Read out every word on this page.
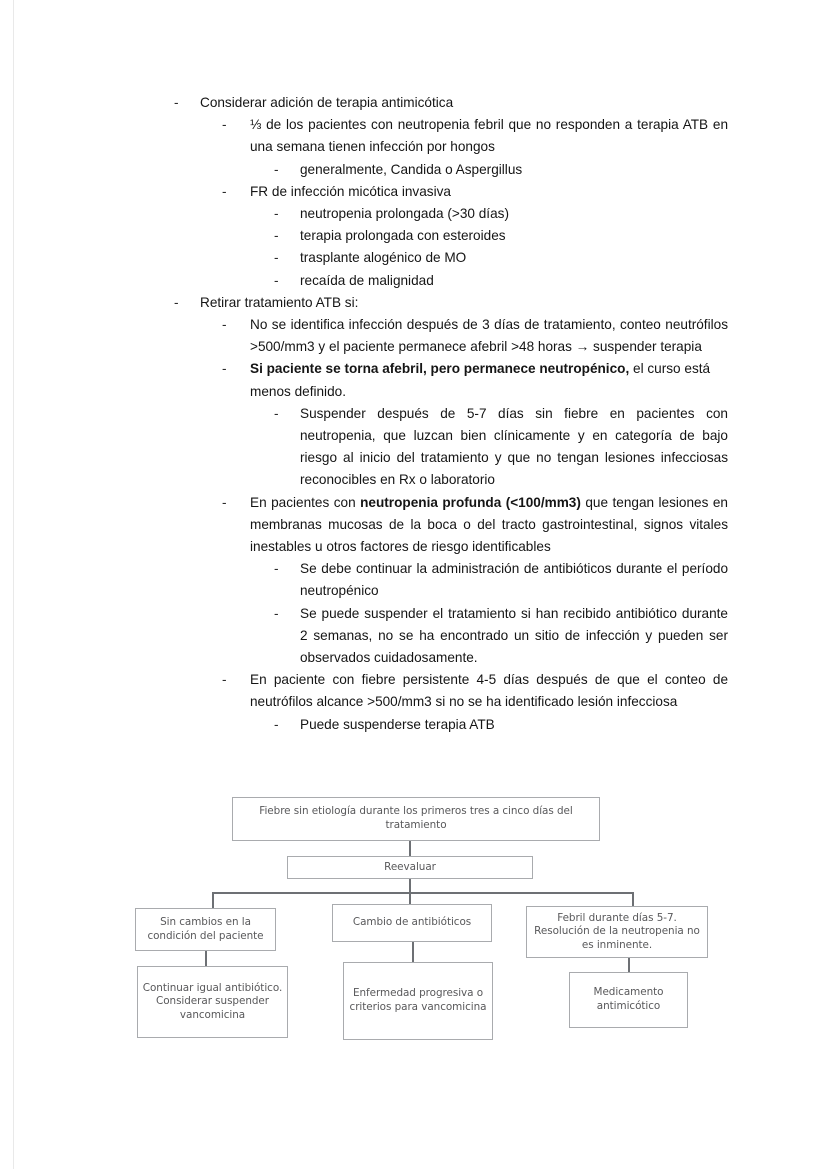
- Considerar adición de terapia antimicótica
- ⅓ de los pacientes con neutropenia febril que no responden a terapia ATB en una semana tienen infección por hongos
- generalmente, Candida o Aspergillus
- FR de infección micótica invasiva
- neutropenia prolongada (>30 días)
- terapia prolongada con esteroides
- trasplante alogénico de MO
- recaída de malignidad
- Retirar tratamiento ATB si:
- No se identifica infección después de 3 días de tratamiento, conteo neutrófilos >500/mm3 y el paciente permanece afebril >48 horas → suspender terapia
- Si paciente se torna afebril, pero permanece neutropénico, el curso está menos definido.
- Suspender después de 5-7 días sin fiebre en pacientes con neutropenia, que luzcan bien clínicamente y en categoría de bajo riesgo al inicio del tratamiento y que no tengan lesiones infecciosas reconocibles en Rx o laboratorio
- En pacientes con neutropenia profunda (<100/mm3) que tengan lesiones en membranas mucosas de la boca o del tracto gastrointestinal, signos vitales inestables u otros factores de riesgo identificables
- Se debe continuar la administración de antibióticos durante el período neutropénico
- Se puede suspender el tratamiento si han recibido antibiótico durante 2 semanas, no se ha encontrado un sitio de infección y pueden ser observados cuidadosamente.
- En paciente con fiebre persistente 4-5 días después de que el conteo de neutrófilos alcance >500/mm3 si no se ha identificado lesión infecciosa
- Puede suspenderse terapia ATB
Fiebre sin etiología durante los primeros tres a cinco días del tratamiento
Reevaluar
Sin cambios en la condición del paciente
Cambio de antibióticos	Febril durante días 5-7. Resolución de la neutropenia no es inminente.
Continuar igual antibiótico. Considerar suspender vancomicina
Enfermedad progresiva o criterios para vancomicina
Medicamento antimicótico
